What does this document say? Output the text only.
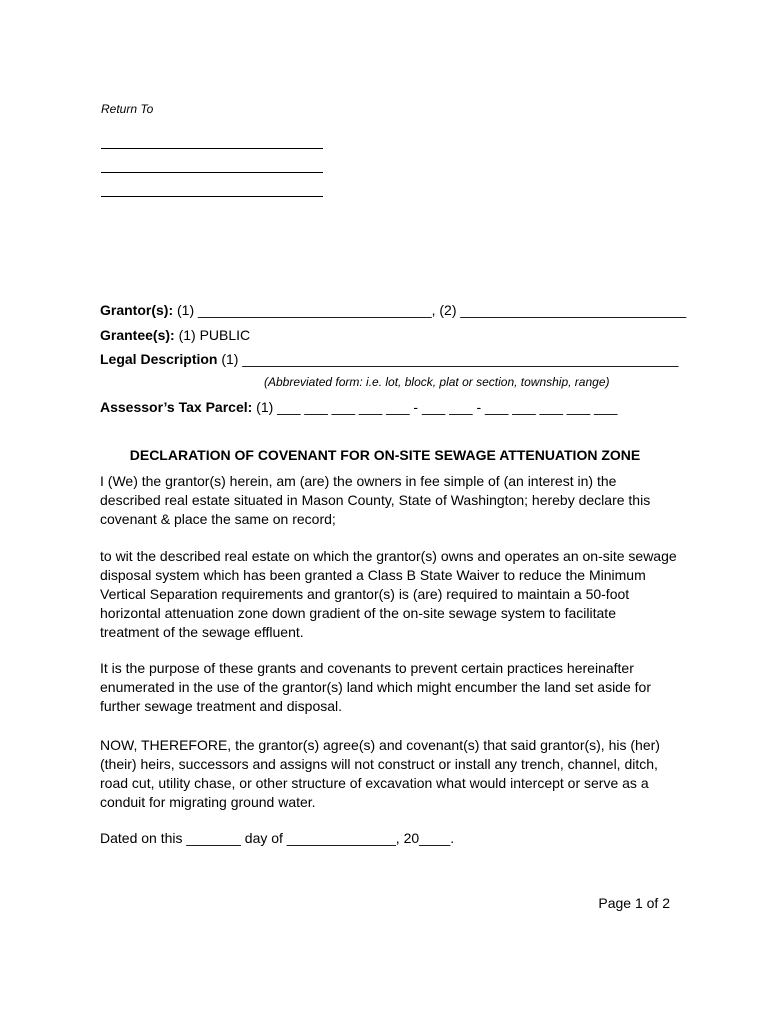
Return To
Grantor(s): (1) ______________________________, (2) _____________________________
Grantee(s): (1) PUBLIC
Legal Description (1) ________________________________________________________
(Abbreviated form: i.e. lot, block, plat or section, township, range)
Assessor’s Tax Parcel: (1) ___ ___ ___ ___ ___ - ___ ___ - ___ ___ ___ ___ ___
DECLARATION OF COVENANT FOR ON-SITE SEWAGE ATTENUATION ZONE
I (We) the grantor(s) herein, am (are) the owners in fee simple of (an interest in) the
described real estate situated in Mason County, State of Washington; hereby declare this
covenant & place the same on record;
to wit the described real estate on which the grantor(s) owns and operates an on-site sewage
disposal system which has been granted a Class B State Waiver to reduce the Minimum
Vertical Separation requirements and grantor(s) is (are) required to maintain a 50-foot
horizontal attenuation zone down gradient of the on-site sewage system to facilitate
treatment of the sewage effluent.
It is the purpose of these grants and covenants to prevent certain practices hereinafter
enumerated in the use of the grantor(s) land which might encumber the land set aside for
further sewage treatment and disposal.
NOW, THEREFORE, the grantor(s) agree(s) and covenant(s) that said grantor(s), his (her)
(their) heirs, successors and assigns will not construct or install any trench, channel, ditch,
road cut, utility chase, or other structure of excavation what would intercept or serve as a
conduit for migrating ground water.
Dated on this _______ day of ______________, 20____.
Page 1 of 2
